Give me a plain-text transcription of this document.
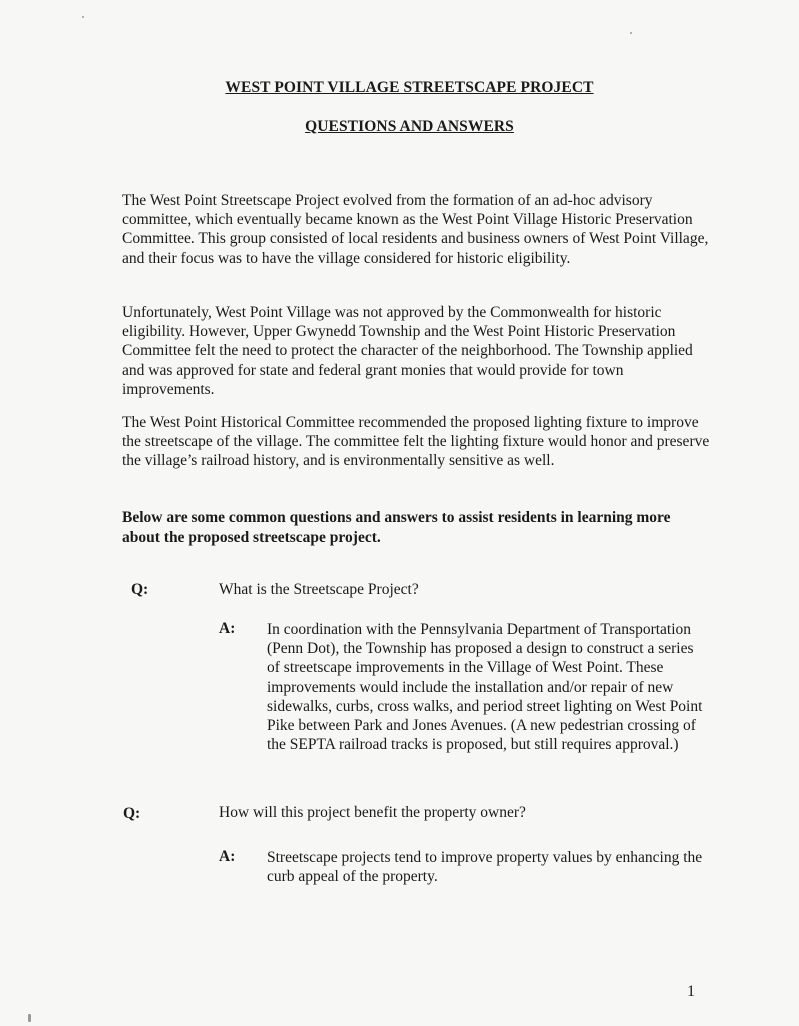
WEST POINT VILLAGE STREETSCAPE PROJECT
QUESTIONS AND ANSWERS

The West Point Streetscape Project evolved from the formation of an ad-hoc advisory committee, which eventually became known as the West Point Village Historic Preservation Committee. This group consisted of local residents and business owners of West Point Village, and their focus was to have the village considered for historic eligibility.

Unfortunately, West Point Village was not approved by the Commonwealth for historic eligibility. However, Upper Gwynedd Township and the West Point Historic Preservation Committee felt the need to protect the character of the neighborhood. The Township applied and was approved for state and federal grant monies that would provide for town improvements.

The West Point Historical Committee recommended the proposed lighting fixture to improve the streetscape of the village. The committee felt the lighting fixture would honor and preserve the village’s railroad history, and is environmentally sensitive as well.

Below are some common questions and answers to assist residents in learning more about the proposed streetscape project.

Q:	What is the Streetscape Project?
A: In coordination with the Pennsylvania Department of Transportation (Penn Dot), the Township has proposed a design to construct a series of streetscape improvements in the Village of West Point. These improvements would include the installation and/or repair of new sidewalks, curbs, cross walks, and period street lighting on West Point Pike between Park and Jones Avenues. (A new pedestrian crossing of the SEPTA railroad tracks is proposed, but still requires approval.)

Q:	How will this project benefit the property owner?
A: Streetscape projects tend to improve property values by enhancing the curb appeal of the property.

1
